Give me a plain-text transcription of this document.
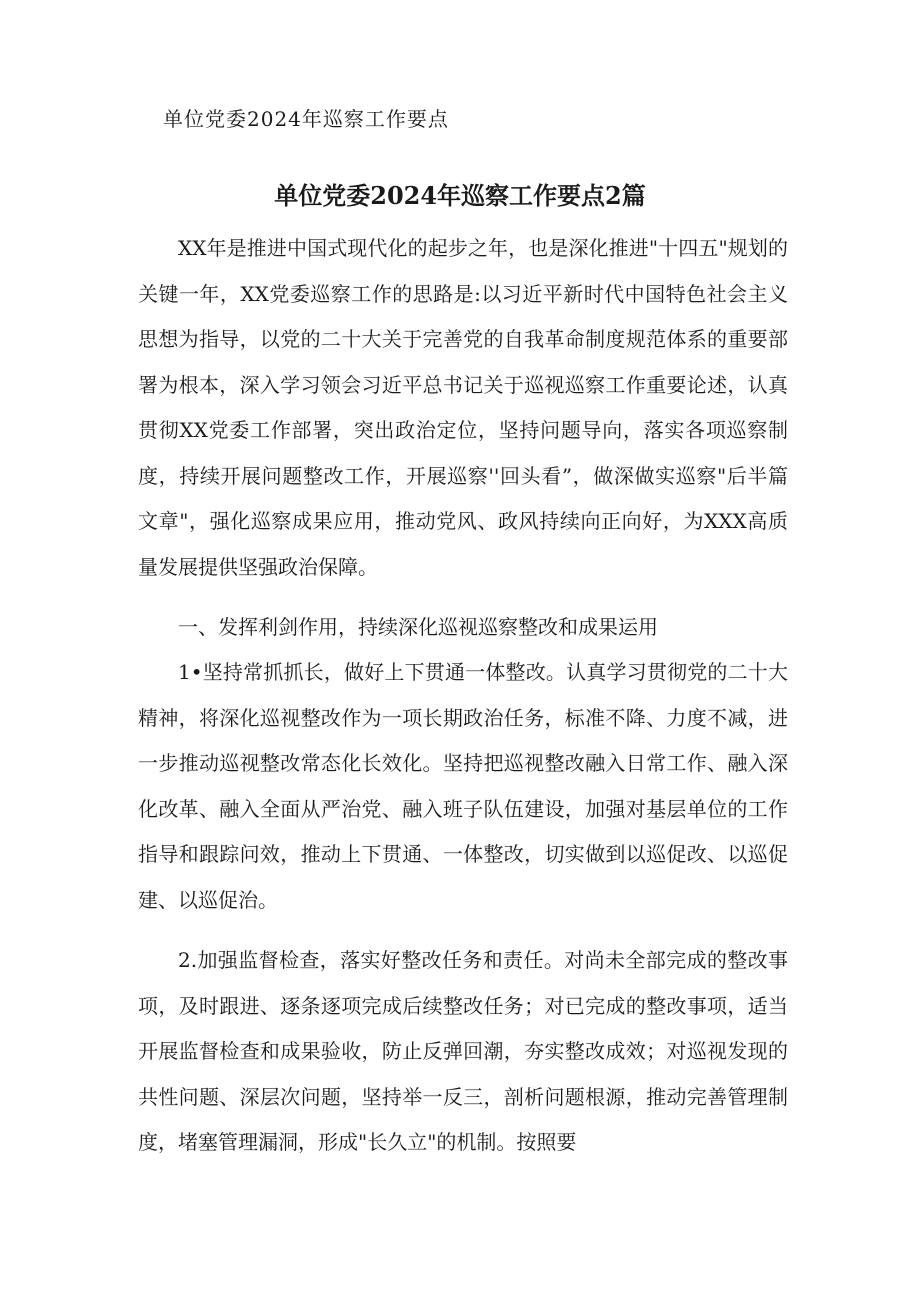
单位党委2024年巡察工作要点
单位党委2024年巡察工作要点2篇

XX年是推进中国式现代化的起步之年，也是深化推进"十四五"规划的关键一年，XX党委巡察工作的思路是:以习近平新时代中国特色社会主义思想为指导，以党的二十大关于完善党的自我革命制度规范体系的重要部署为根本，深入学习领会习近平总书记关于巡视巡察工作重要论述，认真贯彻XX党委工作部署，突出政治定位，坚持问题导向，落实各项巡察制度，持续开展问题整改工作，开展巡察''回头看”，做深做实巡察"后半篇文章"，强化巡察成果应用，推动党风、政风持续向正向好，为XXX高质量发展提供坚强政治保障。

一、发挥利剑作用，持续深化巡视巡察整改和成果运用

1•坚持常抓抓长，做好上下贯通一体整改。认真学习贯彻党的二十大精神，将深化巡视整改作为一项长期政治任务，标准不降、力度不减，进一步推动巡视整改常态化长效化。坚持把巡视整改融入日常工作、融入深化改革、融入全面从严治党、融入班子队伍建设，加强对基层单位的工作指导和跟踪问效，推动上下贯通、一体整改，切实做到以巡促改、以巡促建、以巡促治。

2.加强监督检查，落实好整改任务和责任。对尚未全部完成的整改事项，及时跟进、逐条逐项完成后续整改任务；对已完成的整改事项，适当开展监督检查和成果验收，防止反弹回潮，夯实整改成效；对巡视发现的共性问题、深层次问题，坚持举一反三，剖析问题根源，推动完善管理制度，堵塞管理漏洞，形成"长久立"的机制。按照要
